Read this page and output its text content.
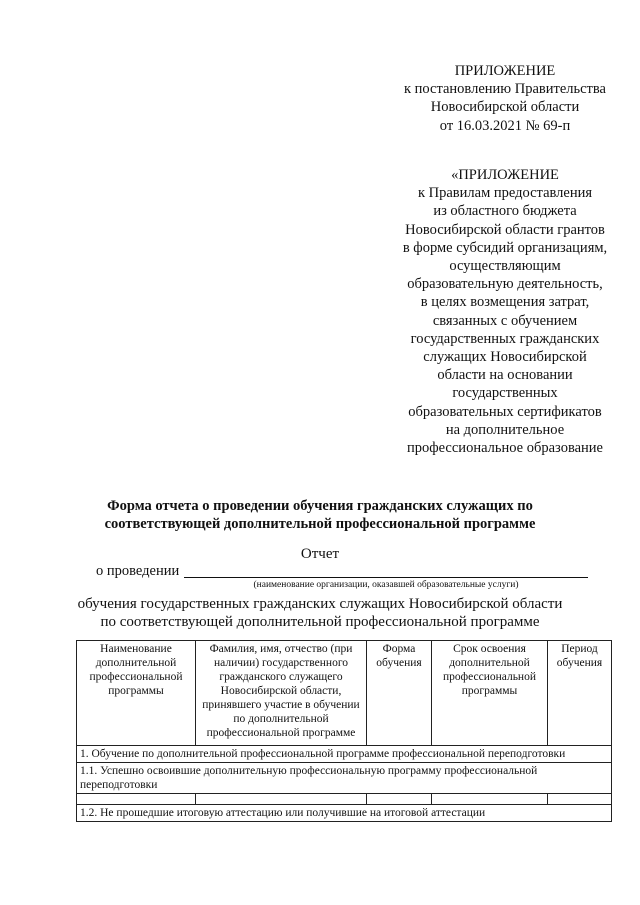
ПРИЛОЖЕНИЕ
к постановлению Правительства
Новосибирской области
от 16.03.2021 № 69-п
«ПРИЛОЖЕНИЕ
к Правилам предоставления
из областного бюджета
Новосибирской области грантов
в форме субсидий организациям,
осуществляющим
образовательную деятельность,
в целях возмещения затрат,
связанных с обучением
государственных гражданских
служащих Новосибирской
области на основании
государственных
образовательных сертификатов
на дополнительное
профессиональное образование
Форма отчета о проведении обучения гражданских служащих по
соответствующей дополнительной профессиональной программе
Отчет
о проведении
(наименование организации, оказавшей образовательные услуги)
обучения государственных гражданских служащих Новосибирской области
по соответствующей дополнительной профессиональной программе
Наименование дополнительной профессиональной программы	Фамилия, имя, отчество (при наличии) государственного гражданского служащего Новосибирской области, принявшего участие в обучении по дополнительной профессиональной программе	Форма обучения	Срок освоения дополнительной профессиональной программы	Период обучения
1. Обучение по дополнительной профессиональной программе профессиональной переподготовки				
1.1. Успешно освоившие дополнительную профессиональную программу профессиональной переподготовки				

1.2. Не прошедшие итоговую аттестацию или получившие на итоговой аттестации				
